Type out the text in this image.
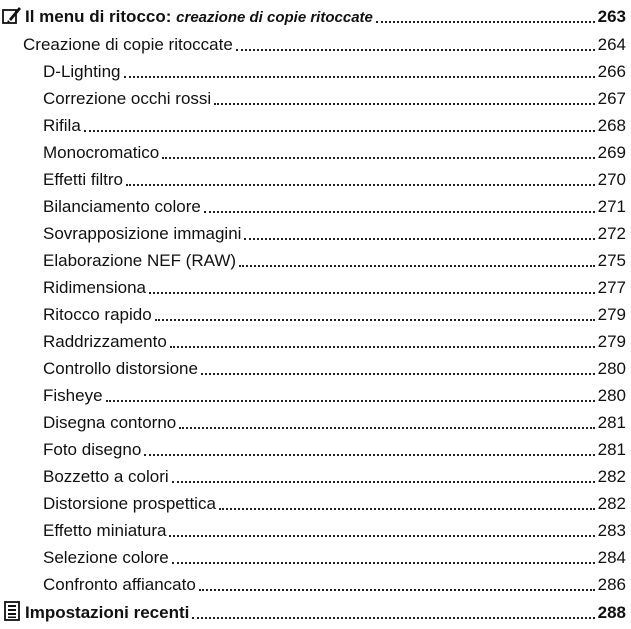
Il menu di ritocco: creazione di copie ritoccate	263
Creazione di copie ritoccate	264
D-Lighting	266
Correzione occhi rossi	267
Rifila	268
Monocromatico	269
Effetti filtro	270
Bilanciamento colore	271
Sovrapposizione immagini	272
Elaborazione NEF (RAW)	275
Ridimensiona	277
Ritocco rapido	279
Raddrizzamento	279
Controllo distorsione	280
Fisheye	280
Disegna contorno	281
Foto disegno	281
Bozzetto a colori	282
Distorsione prospettica	282
Effetto miniatura	283
Selezione colore	284
Confronto affiancato	286
Impostazioni recenti	288
